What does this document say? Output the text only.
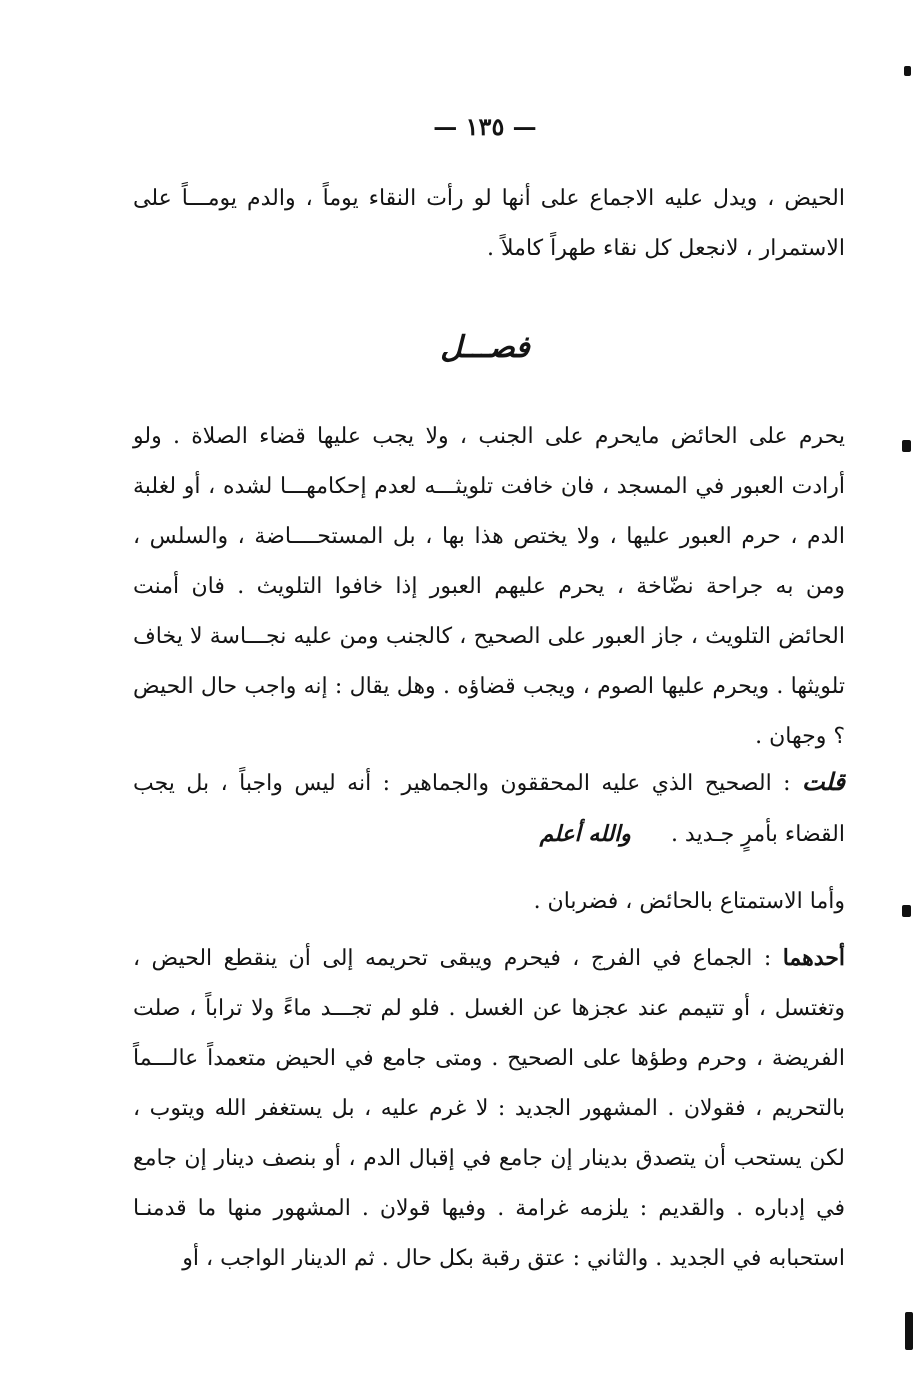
— ١٣٥ —

الحيض ، ويدل عليه الاجماع على أنها لو رأت النقاء يوماً ، والدم يومـــاً على الاستمرار ، لانجعل كل نقاء طهراً كاملاً .

فصـــل

يحرم على الحائض مايحرم على الجنب ، ولا يجب عليها قضاء الصلاة . ولو أرادت العبور في المسجد ، فان خافت تلويثـــه لعدم إحكامهـــا لشده ، أو لغلبة الدم ، حرم العبور عليها ، ولا يختص هذا بها ، بل المستحــــاضة ، والسلس ، ومن به جراحة نضّاخة ، يحرم عليهم العبور إذا خافوا التلويث . فان أمنت الحائض التلويث ، جاز العبور على الصحيح ، كالجنب ومن عليه نجـــاسة لا يخاف تلويثها . ويحرم عليها الصوم ، ويجب قضاؤه . وهل يقال : إنه واجب حال الحيض ؟ وجهان .

قلت : الصحيح الذي عليه المحققون والجماهير : أنه ليس واجباً ، بل يجب القضاء بأمرٍ جـديد .والله أعلم

وأما الاستمتاع بالحائض ، فضربان .

أحدهما : الجماع في الفرج ، فيحرم ويبقى تحريمه إلى أن ينقطع الحيض ، وتغتسل ، أو تتيمم عند عجزها عن الغسل . فلو لم تجـــد ماءً ولا تراباً ، صلت الفريضة ، وحرم وطؤها على الصحيح . ومتى جامع في الحيض متعمداً عالـــماً بالتحريم ، فقولان . المشهور الجديد : لا غرم عليه ، بل يستغفر الله ويتوب ، لكن يستحب أن يتصدق بدينار إن جامع في إقبال الدم ، أو بنصف دينار إن جامع في إدباره . والقديم : يلزمه غرامة . وفيها قولان . المشهور منها ما قدمنـا استحبابه في الجديد . والثاني : عتق رقبة بكل حال . ثم الدينار الواجب ، أو
